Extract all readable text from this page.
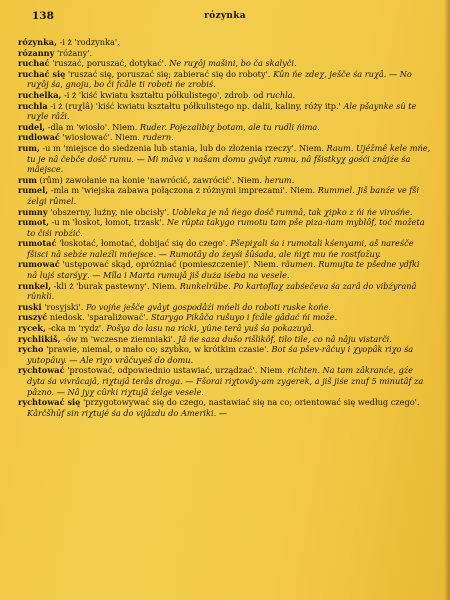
138	rózynka

rózynka, -i ż 'rodzynka'.

rózanny 'różany'.

ruchać 'ruszać, poruszać, dotykać'. Ne ruχôj mašini, bo ča skalyči.

ruchać się 'ruszać się, poruszać się; zabierać się do roboty'. Kûn ńe zdeχ, ješče śa ruχâ. — No ruχôj śa, gnoju, bo či fcâle ti roboti ńe zrobiś.

ruchelka, -i ż 'kiść kwiatu kształtu półkulistego', zdrob. od ruchla.

ruchla -i ż (ruχlâ) 'kiść kwiatu kształtu półkulistego np. dalii, kaliny, róży itp.' Ale pšaynke sû te ruχle râži.

rudel, -dla m 'wiosło'. Niem. Ruder. Pojezalibiχ botam, ale tu rudli ńima.

rudlować 'wiosłować'. Niem. rudern.

rum, -u m 'miejsce do siedzenia lub stania, lub do złożenia rzeczy'. Niem. Raum. Ujéžmê kele mńe, tu je nâ čebče dośč rumu. — Mi mâva v našam domu gvâyt rumu, nâ fšistkyχ gośći znâjźe śa mâejsce.

rum (rûm) zawołanie na konie 'nawrócić, zawrócić'. Niem. herum.

rumel, -mla m 'wiejska zabawa połączona z różnymi imprezami'. Niem. Rummel. Jiš banźe ve fši źelgi rûmel.

rumny 'obszerny, luźny, nie obcisły'. Uobleka je nâ ńego dośč rumnâ, tak χipko z ńi ńe virośńe.

rumot, -u m 'łoskot, łomot, trzask'. Ne rûpta takygo rumotu tam pše piza-ńam myblôf, toć možeta to čiśi robźić.

rumotać 'łoskotać, łomotać, dobijać się do czego'. Pšepiχali śa i rumotali kśenyami, aš nareśče fšisci nâ sebźe naleźli mńejsce. — Rumotây do źeyśi šûśada, ale ńiχt mu ńe rostfožuy.

rumować 'ustępować skąd, opróżniać (pomieszczenie)'. Niem. räumen. Rumujta te pšedne ydfki nâ lujś starśyχ. — Mîla i Marta rumujâ jiš duża iśeba na vesele.

runkel, -kli ż 'burak pastewny'. Niem. Runkelrübe. Po kartoflaχ zabśečeva śa zarâ do vibźyranâ rûnkli.

ruski 'rosyjski'. Po vojńe ješče gvâyt gospodâźi mńeli do roboti ruske końe.

ruszyć niedosk. 'sparaliżować'. Starygo Pikâča rušuyo i fcâle gâdać ńi može.

rycek, -cka m 'rydz'. Pošya do lasu na ricki, yûne terâ yuš śa pokazuyâ.

rychlikiš, -ów m 'wczesne ziemniaki'. Jâ ńe saza dušo rišlikôf, tilo tile, co nâ nâju vistarči.

rycho 'prawie, niemal, o mało co; szybko, w krótkim czasie'. Bot śa pšev-râćuy i χyopâk riχo śa yutopâuy. — Ale riχo vrâćuyeš do domu.

rychtować 'prostować, odpowiednio ustawiać, urządzać'. Niem. richten. Na tam zâkranće, gźe dyta śa vivrâcajâ, riχtujâ terâs droga. — Fšorai riχtovây-am zygerek, a jiš jiśe znuf 5 minutâf za pâzno. — Nâ jyχ cûrki riχtujâ źelge vesele.

rychtować się 'przygotowywać się do czego, nastawiać się na co; orientować się według czego'. Kârčšhûf sin riχtujé śa do vijâzdu do Ameriki. —
